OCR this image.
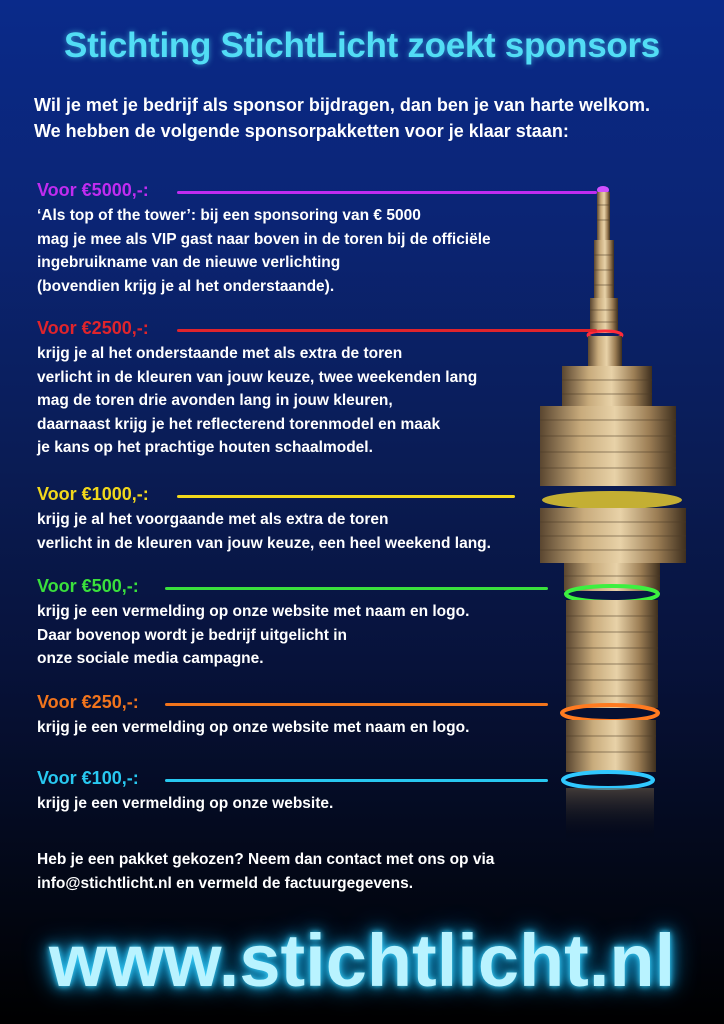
Stichting StichtLicht zoekt sponsors
Wil je met je bedrijf als sponsor bijdragen, dan ben je van harte welkom.
We hebben de volgende sponsorpakketten voor je klaar staan:
Voor €5000,-:
‘Als top of the tower’: bij een sponsoring van € 5000
mag je mee als VIP gast naar boven in de toren bij de officiële
ingebruikname van de nieuwe verlichting
(bovendien krijg je al het onderstaande).
Voor €2500,-:
krijg je al het onderstaande met als extra de toren
verlicht in de kleuren van jouw keuze, twee weekenden lang
mag de toren drie avonden lang in jouw kleuren,
daarnaast krijg je het reflecterend torenmodel en maak
je kans op het prachtige houten schaalmodel.
Voor €1000,-:
krijg je al het voorgaande met als extra de toren
verlicht in de kleuren van jouw keuze, een heel weekend lang.
Voor €500,-:
krijg je een vermelding op onze website met naam en logo.
Daar bovenop wordt je bedrijf uitgelicht in
onze sociale media campagne.
Voor €250,-:
krijg je een vermelding op onze website met naam en logo.
Voor €100,-:
krijg je een vermelding op onze website.
Heb je een pakket gekozen? Neem dan contact met ons op via
info@stichtlicht.nl en vermeld de factuurgegevens.
www.stichtlicht.nl
